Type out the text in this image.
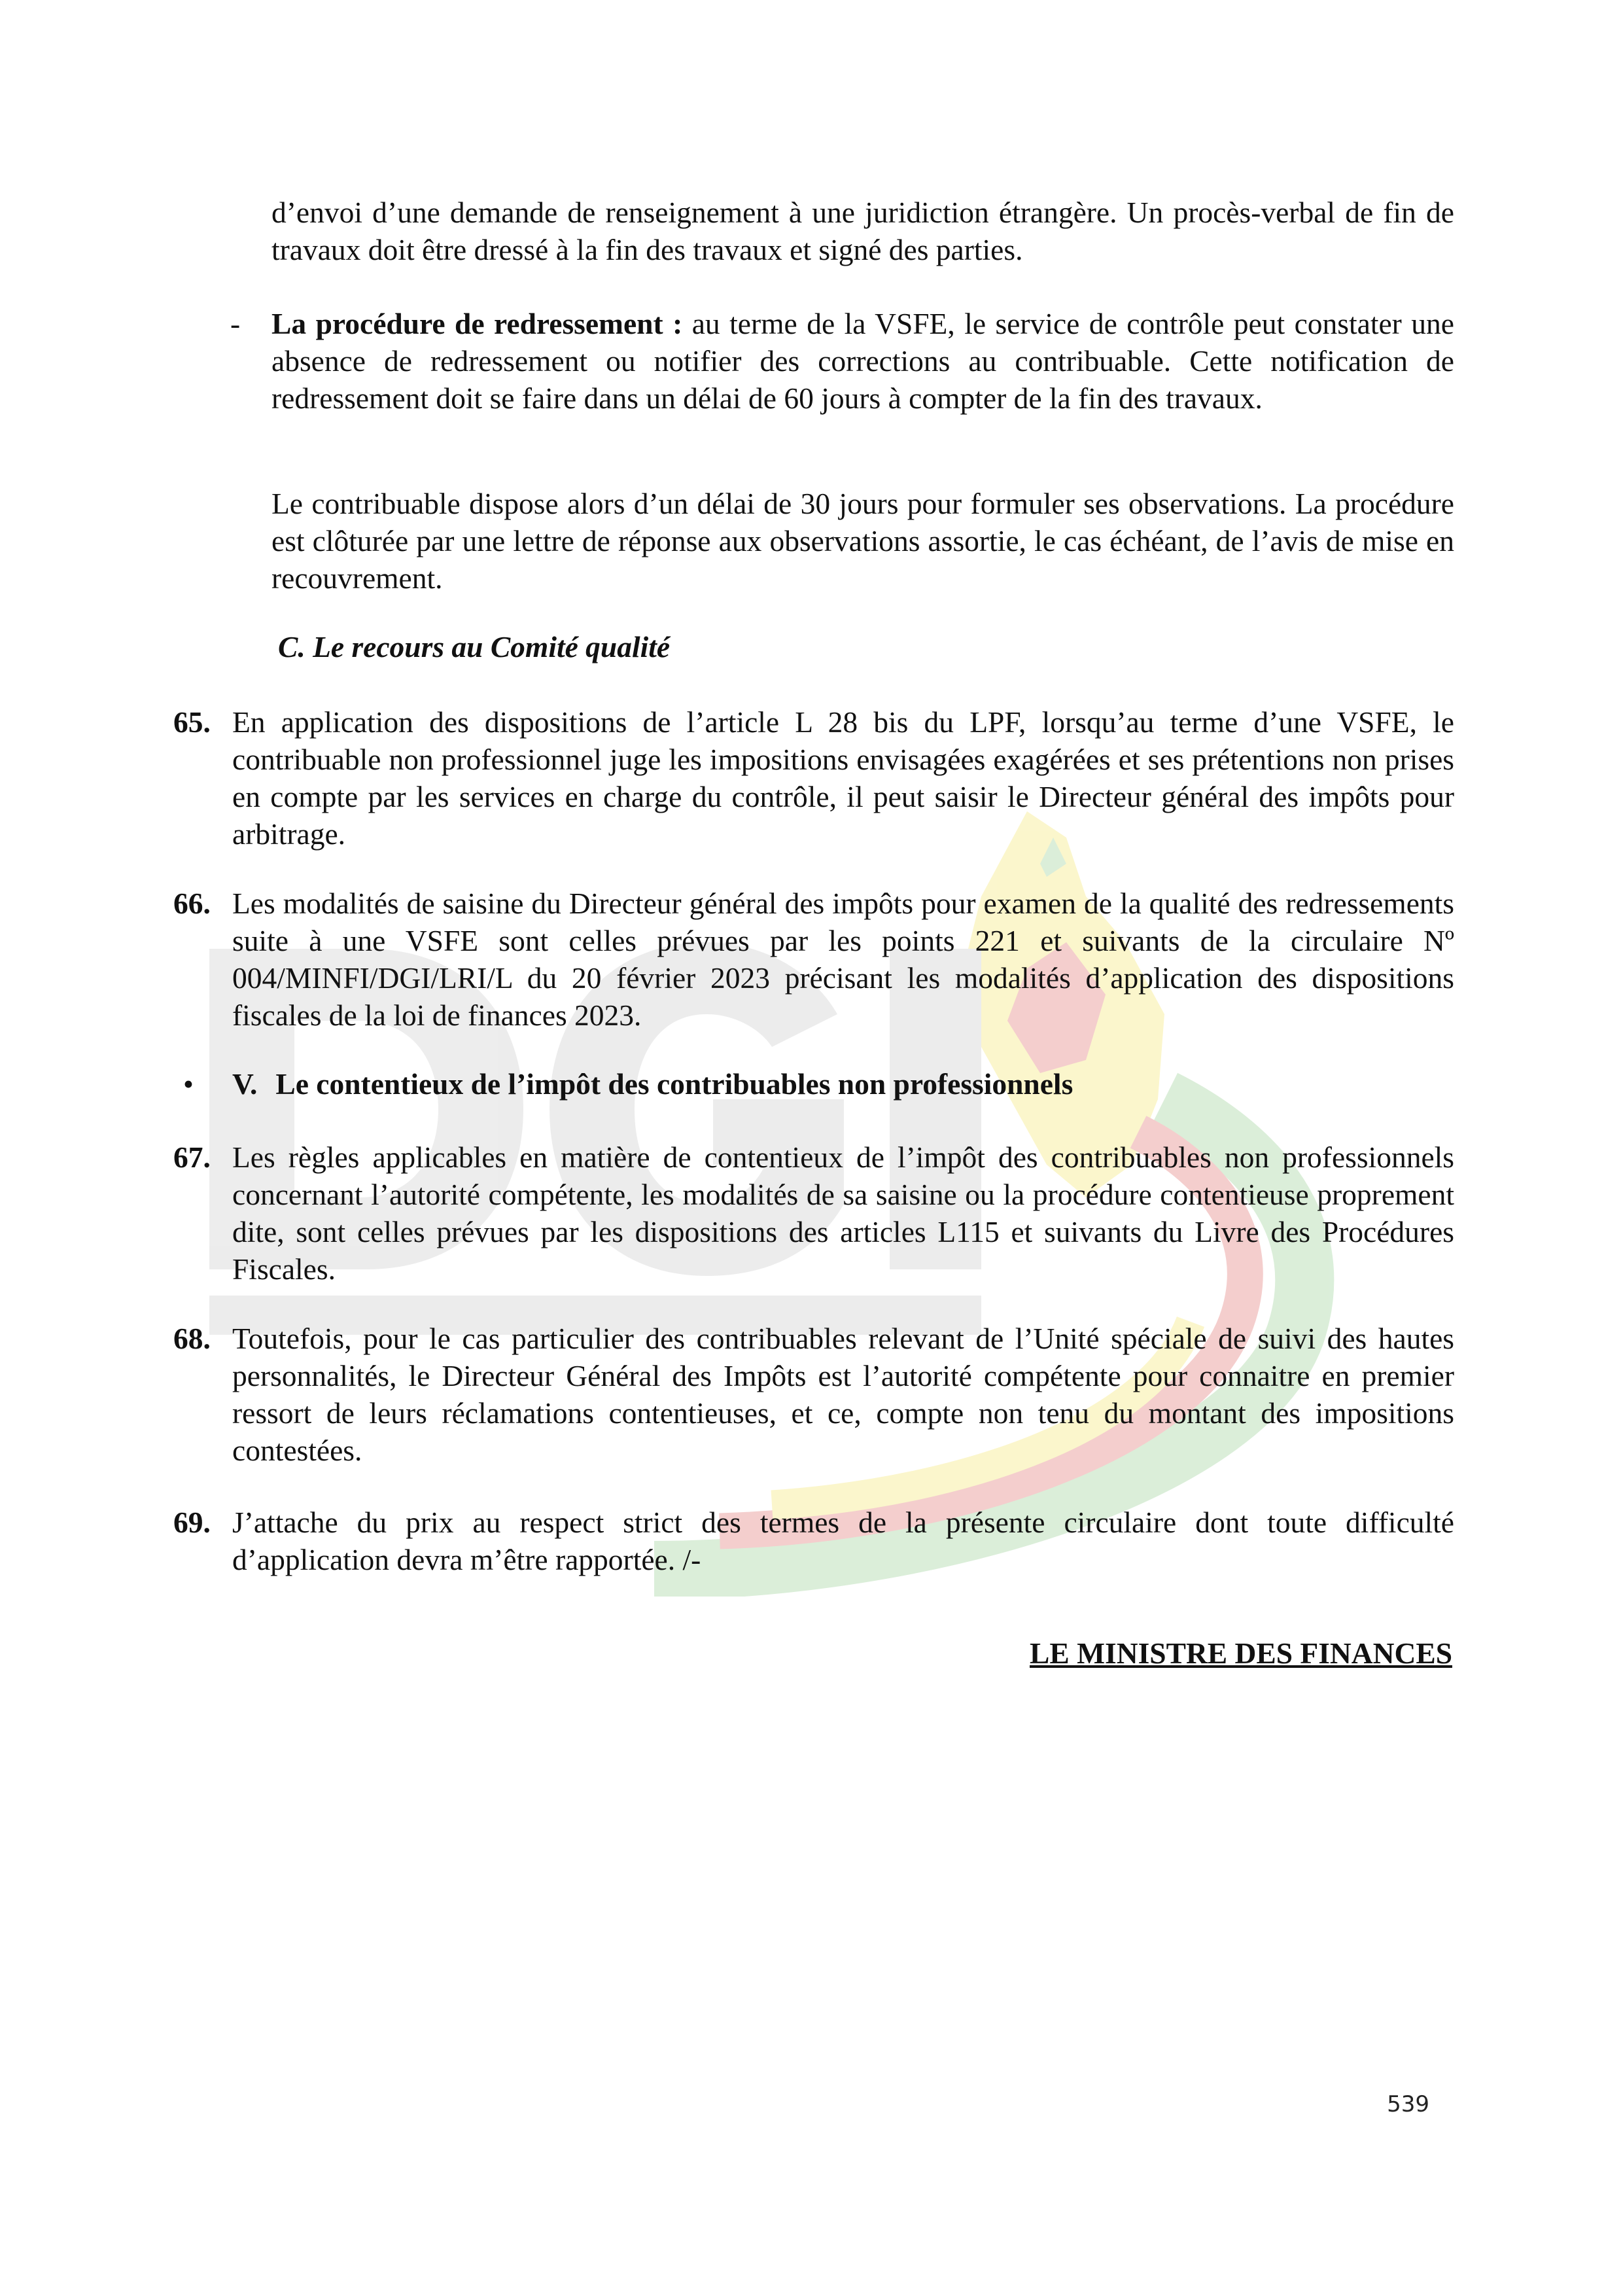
d’envoi d’une demande de renseignement à une juridiction étrangère. Un procès-verbal de fin de travaux doit être dressé à la fin des travaux et signé des parties.

- La procédure de redressement : au terme de la VSFE, le service de contrôle peut constater une absence de redressement ou notifier des corrections au contribuable. Cette notification de redressement doit se faire dans un délai de 60 jours à compter de la fin des travaux.

Le contribuable dispose alors d’un délai de 30 jours pour formuler ses observations. La procédure est clôturée par une lettre de réponse aux observations assortie, le cas échéant, de l’avis de mise en recouvrement.

C. Le recours au Comité qualité
65. En application des dispositions de l’article L 28 bis du LPF, lorsqu’au terme d’une VSFE, le contribuable non professionnel juge les impositions envisagées exagérées et ses prétentions non prises en compte par les services en charge du contrôle, il peut saisir le Directeur général des impôts pour arbitrage.

66. Les modalités de saisine du Directeur général des impôts pour examen de la qualité des redressements suite à une VSFE sont celles prévues par les points 221 et suivants de la circulaire Nº 004/MINFI/DGI/LRI/L du 20 février 2023 précisant les modalités d’application des dispositions fiscales de la loi de finances 2023.

• V. Le contentieux de l’impôt des contribuables non professionnels
67. Les règles applicables en matière de contentieux de l’impôt des contribuables non professionnels concernant l’autorité compétente, les modalités de sa saisine ou la procédure contentieuse proprement dite, sont celles prévues par les dispositions des articles L115 et suivants du Livre des Procédures Fiscales.

68. Toutefois, pour le cas particulier des contribuables relevant de l’Unité spéciale de suivi des hautes personnalités, le Directeur Général des Impôts est l’autorité compétente pour connaitre en premier ressort de leurs réclamations contentieuses, et ce, compte non tenu du montant des impositions contestées.

69. J’attache du prix au respect strict des termes de la présente circulaire dont toute difficulté d’application devra m’être rapportée. /-

LE MINISTRE DES FINANCES
539
